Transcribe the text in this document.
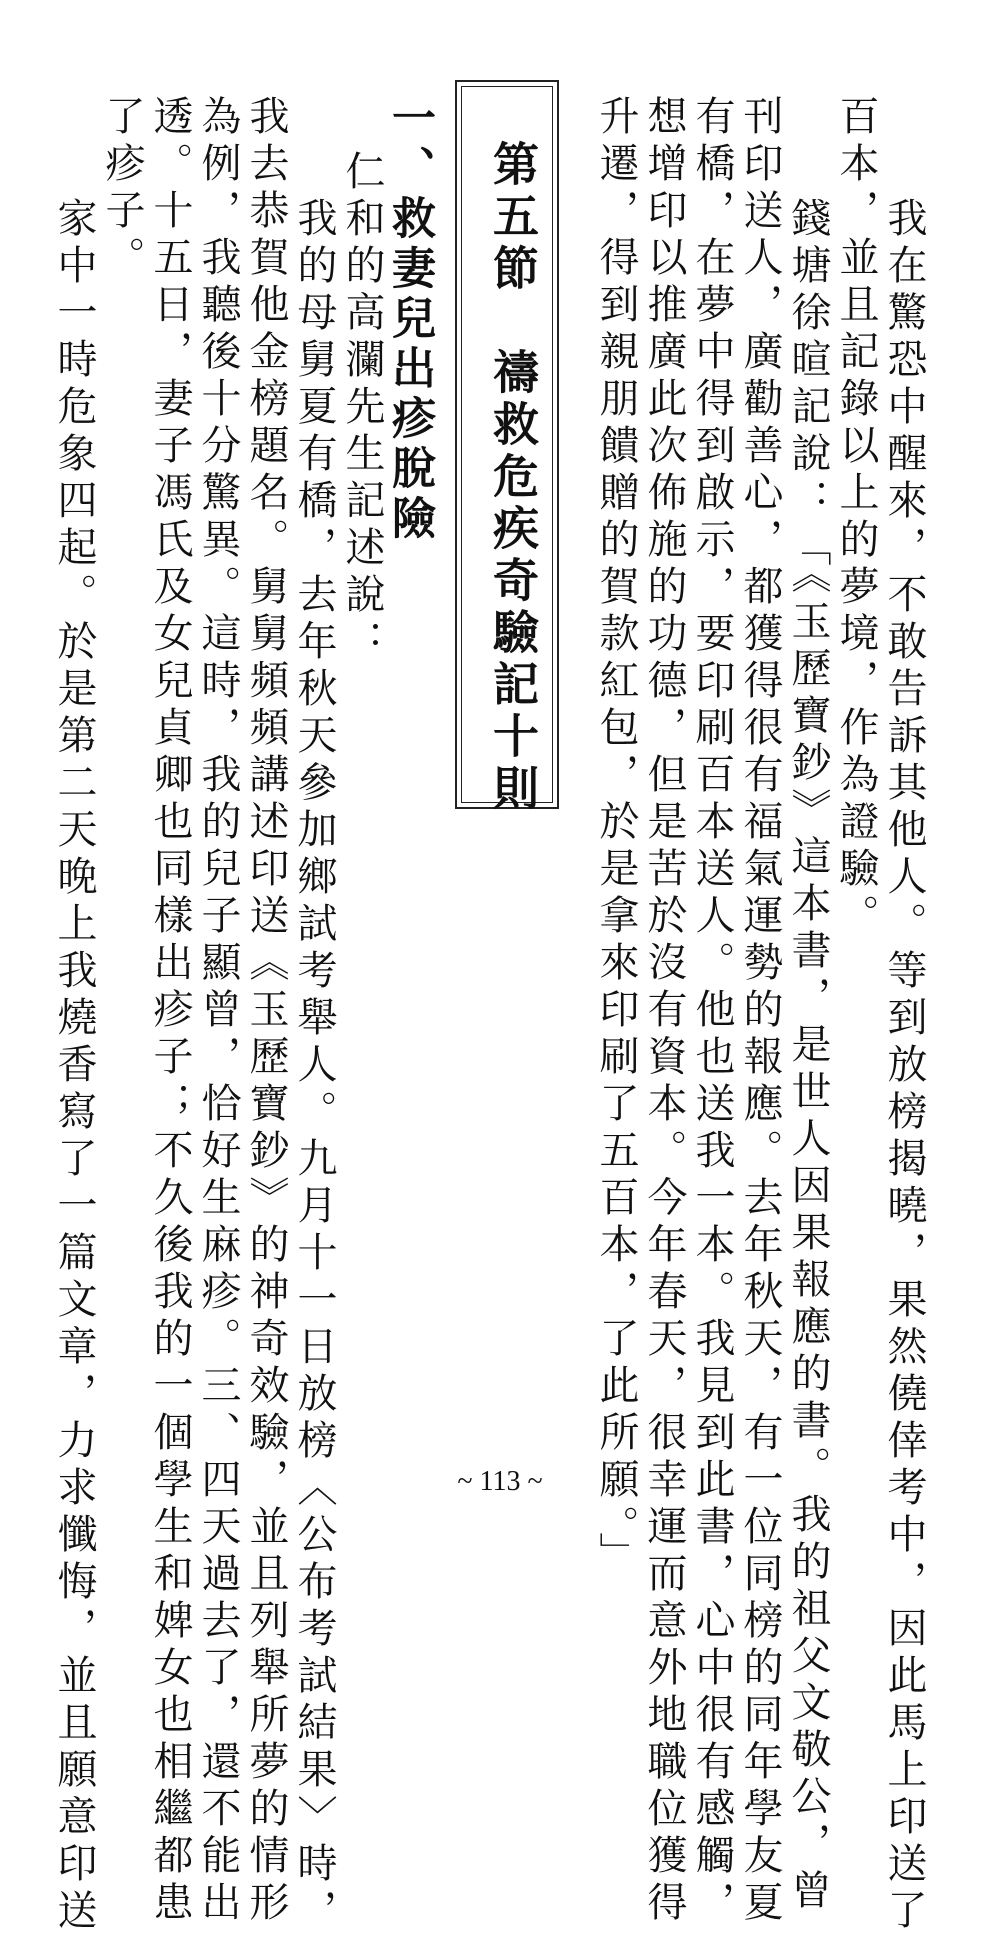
　我在驚恐中醒來，不敢告訴其他人。等到放榜揭曉，果然僥倖考中，因此馬上印送了
百本，並且記錄以上的夢境，作為證驗。
　錢塘徐暄記說：「《玉歷寶鈔》這本書，是世人因果報應的書。我的祖父文敬公，曾
刊印送人，廣勸善心，都獲得很有福氣運勢的報應。去年秋天，有一位同榜的同年學友夏
有橋，在夢中得到啟示，要印刷百本送人。他也送我一本。我見到此書，心中很有感觸，
想增印以推廣此次佈施的功德，但是苦於沒有資本。今年春天，很幸運而意外地職位獲得
升遷，得到親朋饋贈的賀款紅包，於是拿來印刷了五百本，了此所願。」
第五節　禱救危疾奇驗記十則
一、救妻兒出疹脫險
仁和的高瀾先生記述說：
　我的母舅夏有橋，去年秋天參加鄉試考舉人。九月十一日放榜〈公布考試結果〉時，
我去恭賀他金榜題名。舅舅頻頻講述印送《玉歷寶鈔》的神奇效驗，並且列舉所夢的情形
為例，我聽後十分驚異。這時，我的兒子顯曾，恰好生麻疹。三、四天過去了，還不能出
透。十五日，妻子馮氏及女兒貞卿也同樣出疹子；不久後我的一個學生和婢女也相繼都患
了疹子。
　家中一時危象四起。於是第二天晚上我燒香寫了一篇文章，力求懺悔，並且願意印送	~ 113 ~
